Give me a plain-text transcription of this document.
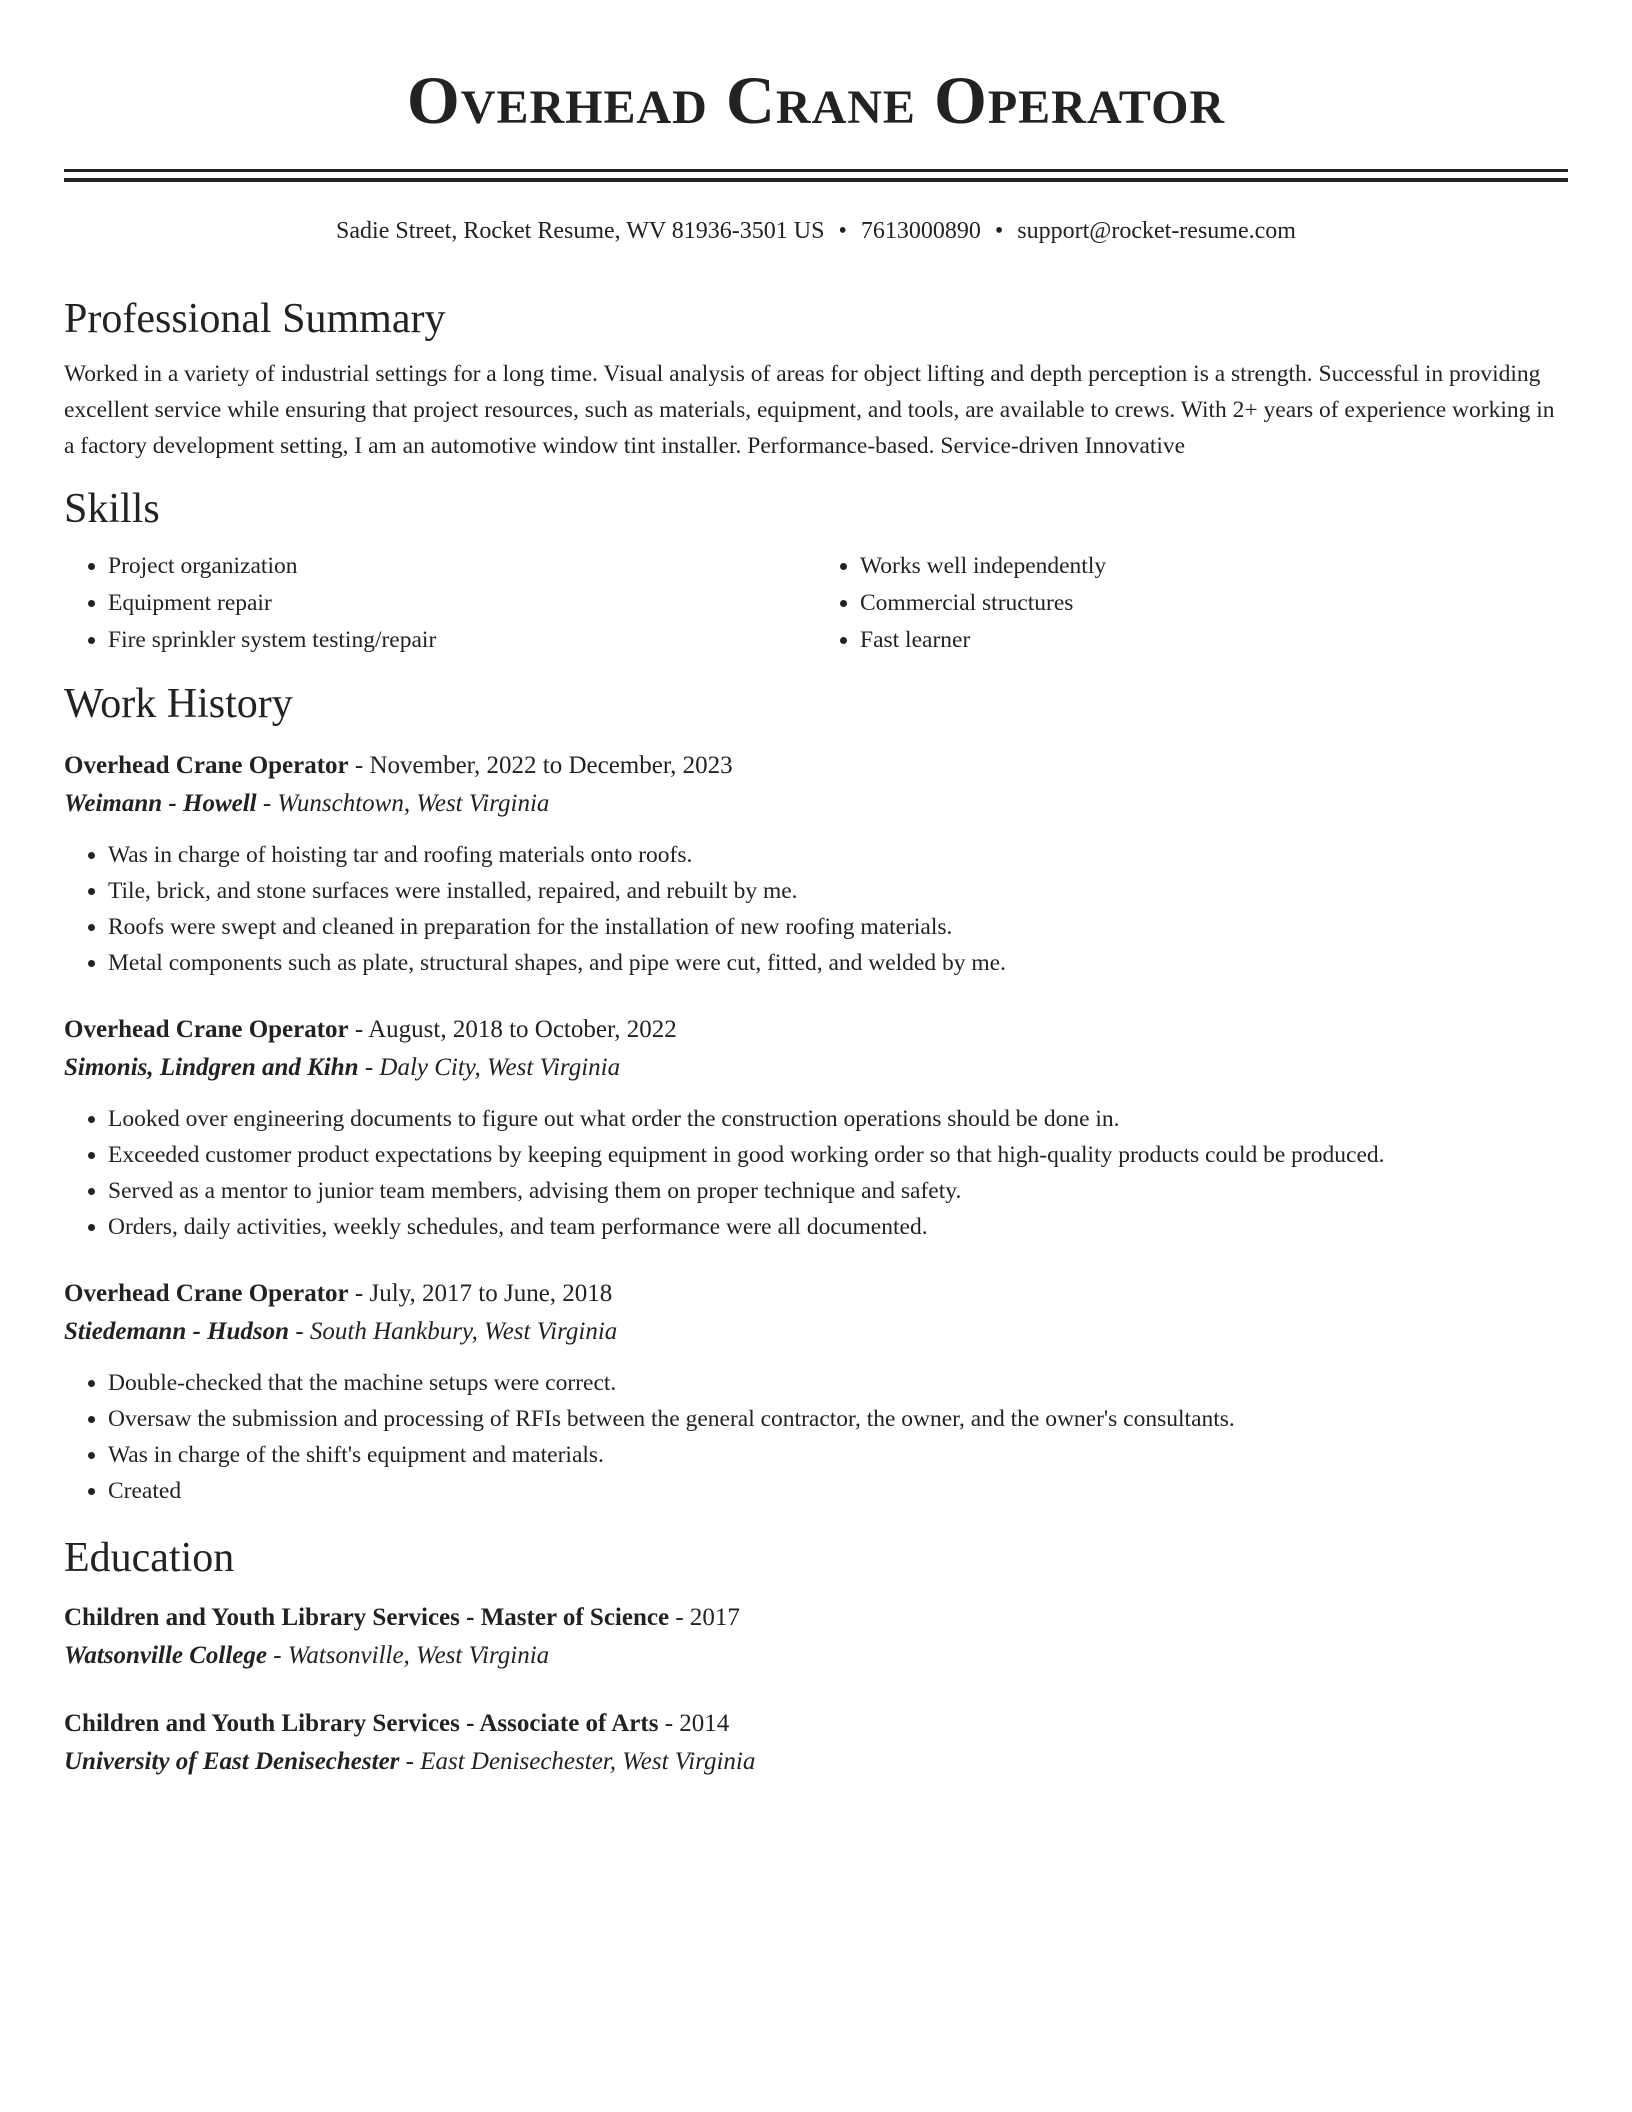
Overhead Crane Operator
Sadie Street, Rocket Resume, WV 81936-3501 US • 7613000890 • support@rocket-resume.com
Professional Summary
Worked in a variety of industrial settings for a long time. Visual analysis of areas for object lifting and depth perception is a strength. Successful in providing excellent service while ensuring that project resources, such as materials, equipment, and tools, are available to crews. With 2+ years of experience working in a factory development setting, I am an automotive window tint installer. Performance-based. Service-driven Innovative
Skills
• Project organization
• Equipment repair
• Fire sprinkler system testing/repair
• Works well independently
• Commercial structures
• Fast learner
Work History
Overhead Crane Operator - November, 2022 to December, 2023
Weimann - Howell - Wunschtown, West Virginia
• Was in charge of hoisting tar and roofing materials onto roofs.
• Tile, brick, and stone surfaces were installed, repaired, and rebuilt by me.
• Roofs were swept and cleaned in preparation for the installation of new roofing materials.
• Metal components such as plate, structural shapes, and pipe were cut, fitted, and welded by me.
Overhead Crane Operator - August, 2018 to October, 2022
Simonis, Lindgren and Kihn - Daly City, West Virginia
• Looked over engineering documents to figure out what order the construction operations should be done in.
• Exceeded customer product expectations by keeping equipment in good working order so that high-quality products could be produced.
• Served as a mentor to junior team members, advising them on proper technique and safety.
• Orders, daily activities, weekly schedules, and team performance were all documented.
Overhead Crane Operator - July, 2017 to June, 2018
Stiedemann - Hudson - South Hankbury, West Virginia
• Double-checked that the machine setups were correct.
• Oversaw the submission and processing of RFIs between the general contractor, the owner, and the owner's consultants.
• Was in charge of the shift's equipment and materials.
• Created
Education
Children and Youth Library Services - Master of Science - 2017
Watsonville College - Watsonville, West Virginia
Children and Youth Library Services - Associate of Arts - 2014
University of East Denisechester - East Denisechester, West Virginia
